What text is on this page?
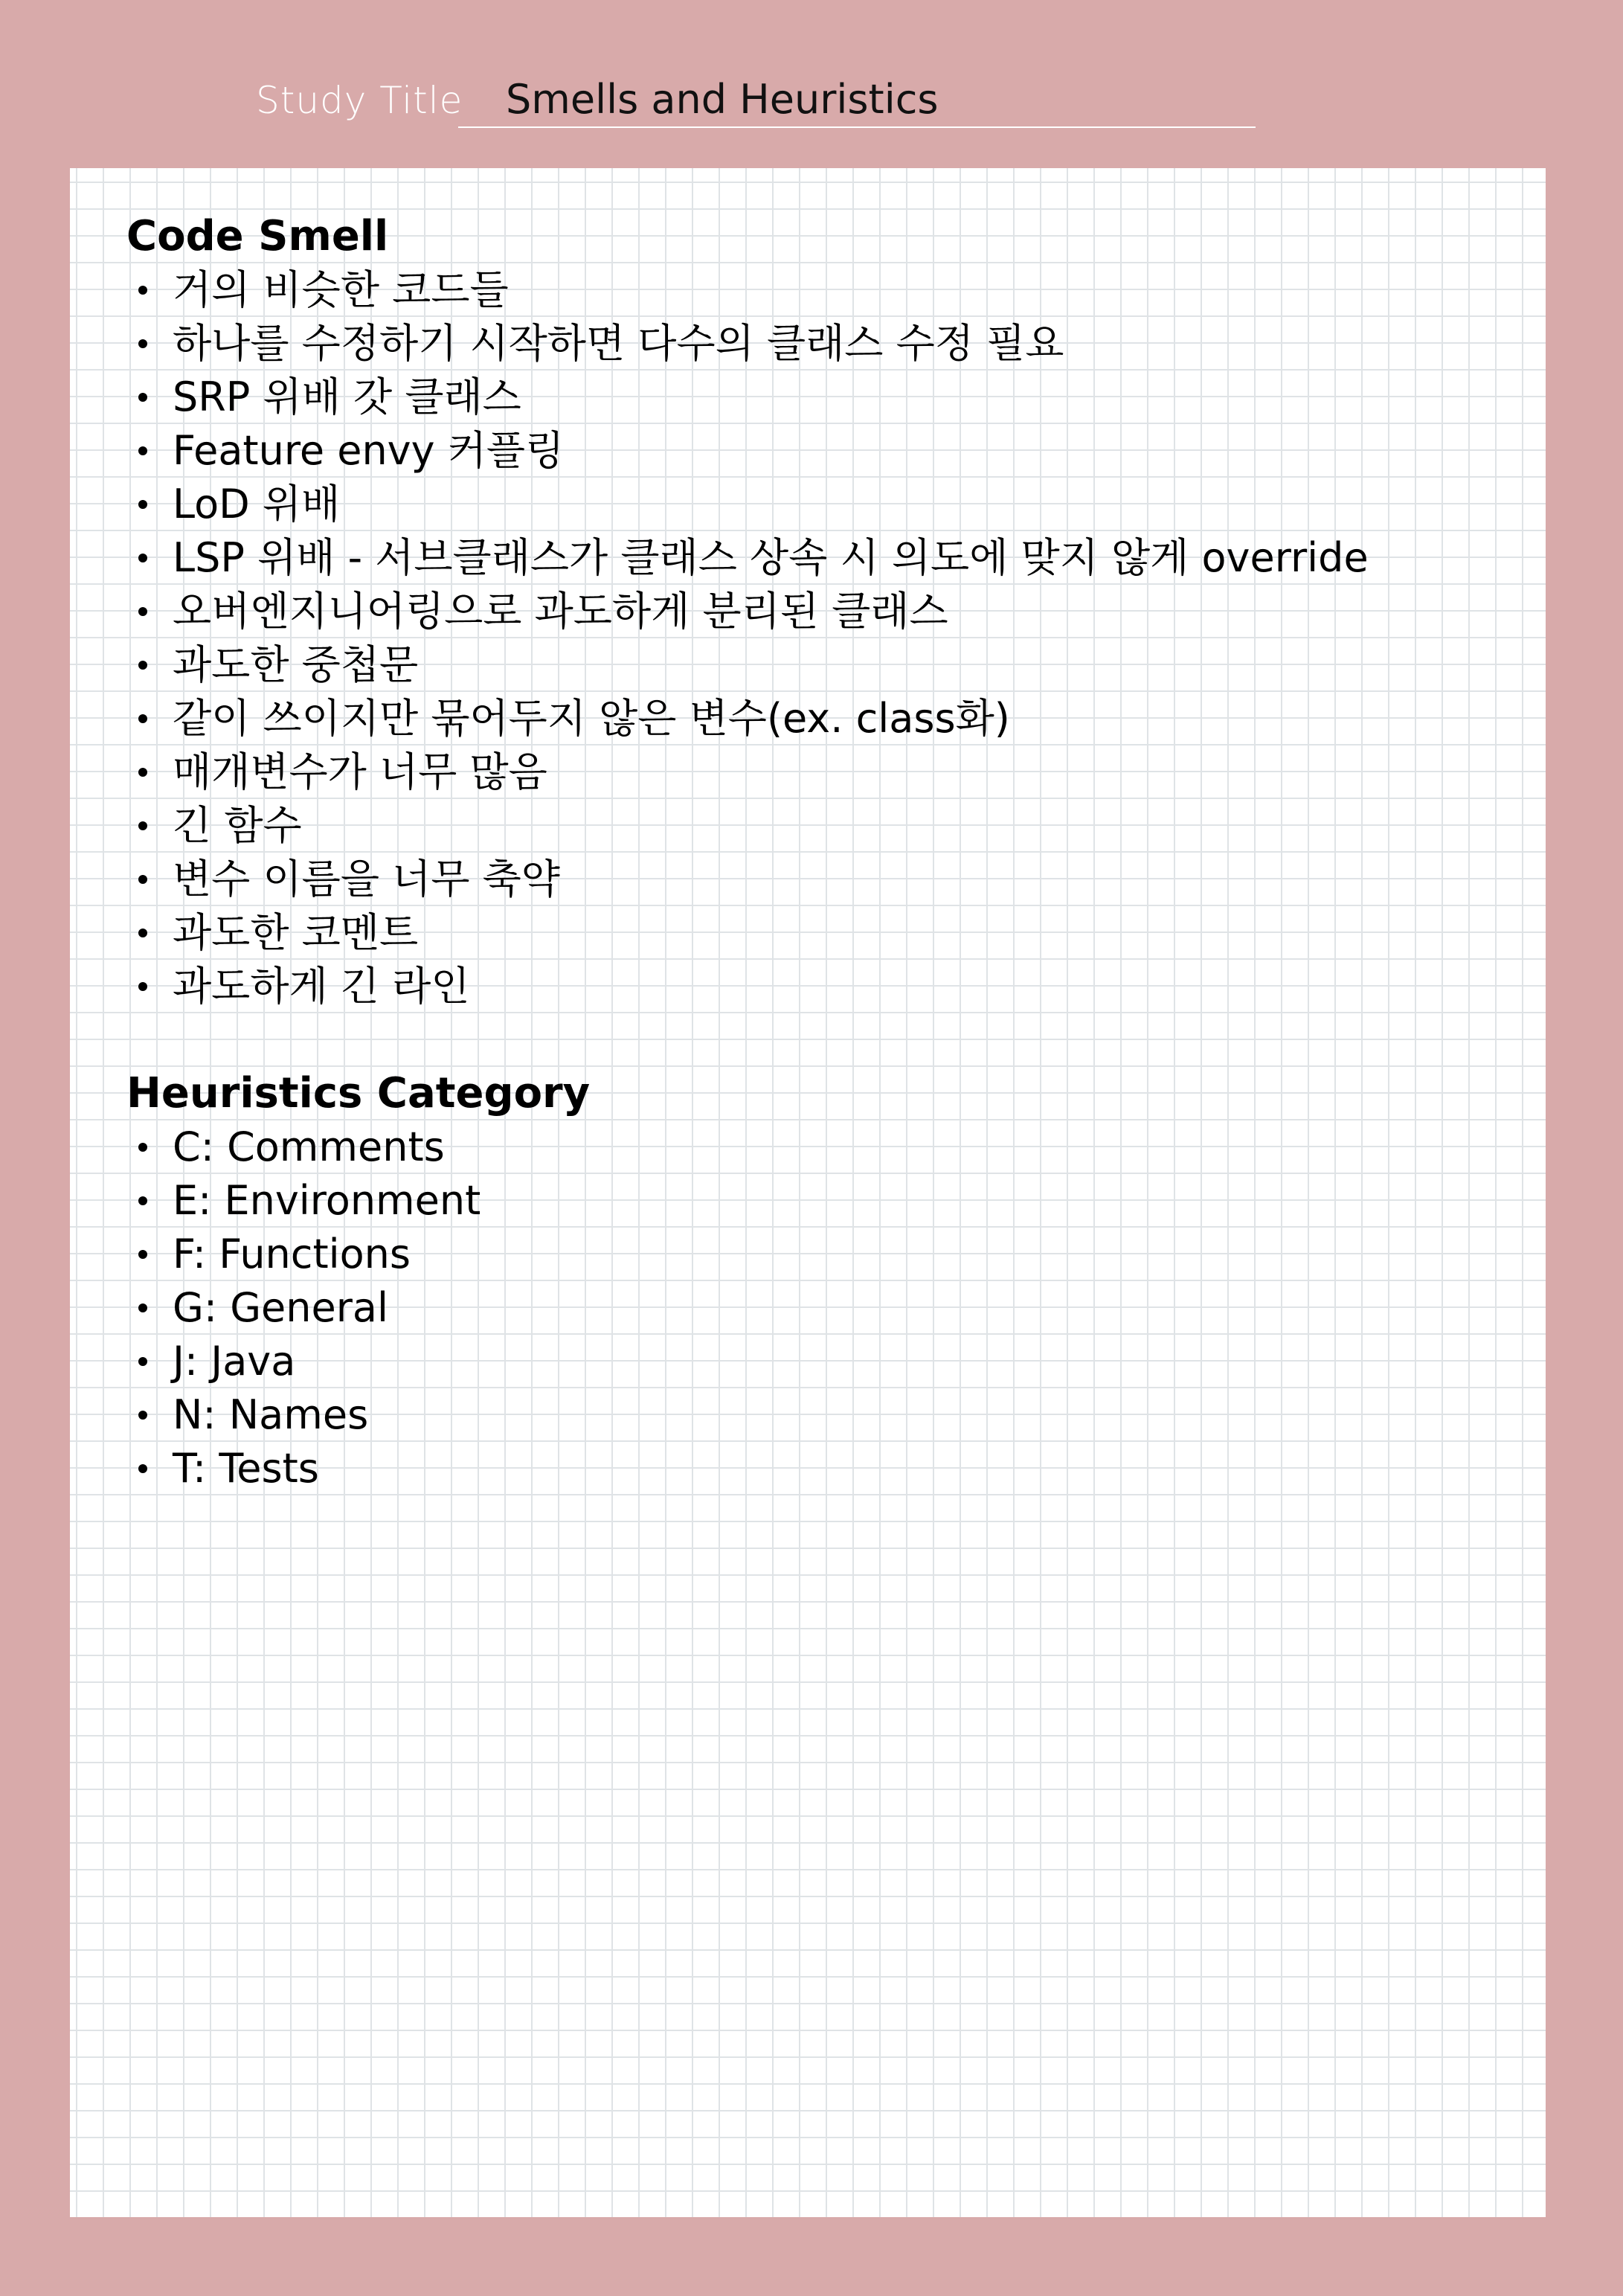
Study Title Smells and Heuristics
Code Smell
거의 비슷한 코드들
하나를 수정하기 시작하면 다수의 클래스 수정 필요
SRP 위배 갓 클래스
Feature envy 커플링
LoD 위배
LSP 위배 - 서브클래스가 클래스 상속 시 의도에 맞지 않게 override
오버엔지니어링으로 과도하게 분리된 클래스
과도한 중첩문
같이 쓰이지만 묶어두지 않은 변수(ex. class화)
매개변수가 너무 많음
긴 함수
변수 이름을 너무 축약
과도한 코멘트
과도하게 긴 라인
Heuristics Category
C: Comments
E: Environment
F: Functions
G: General
J: Java
N: Names
T: Tests
